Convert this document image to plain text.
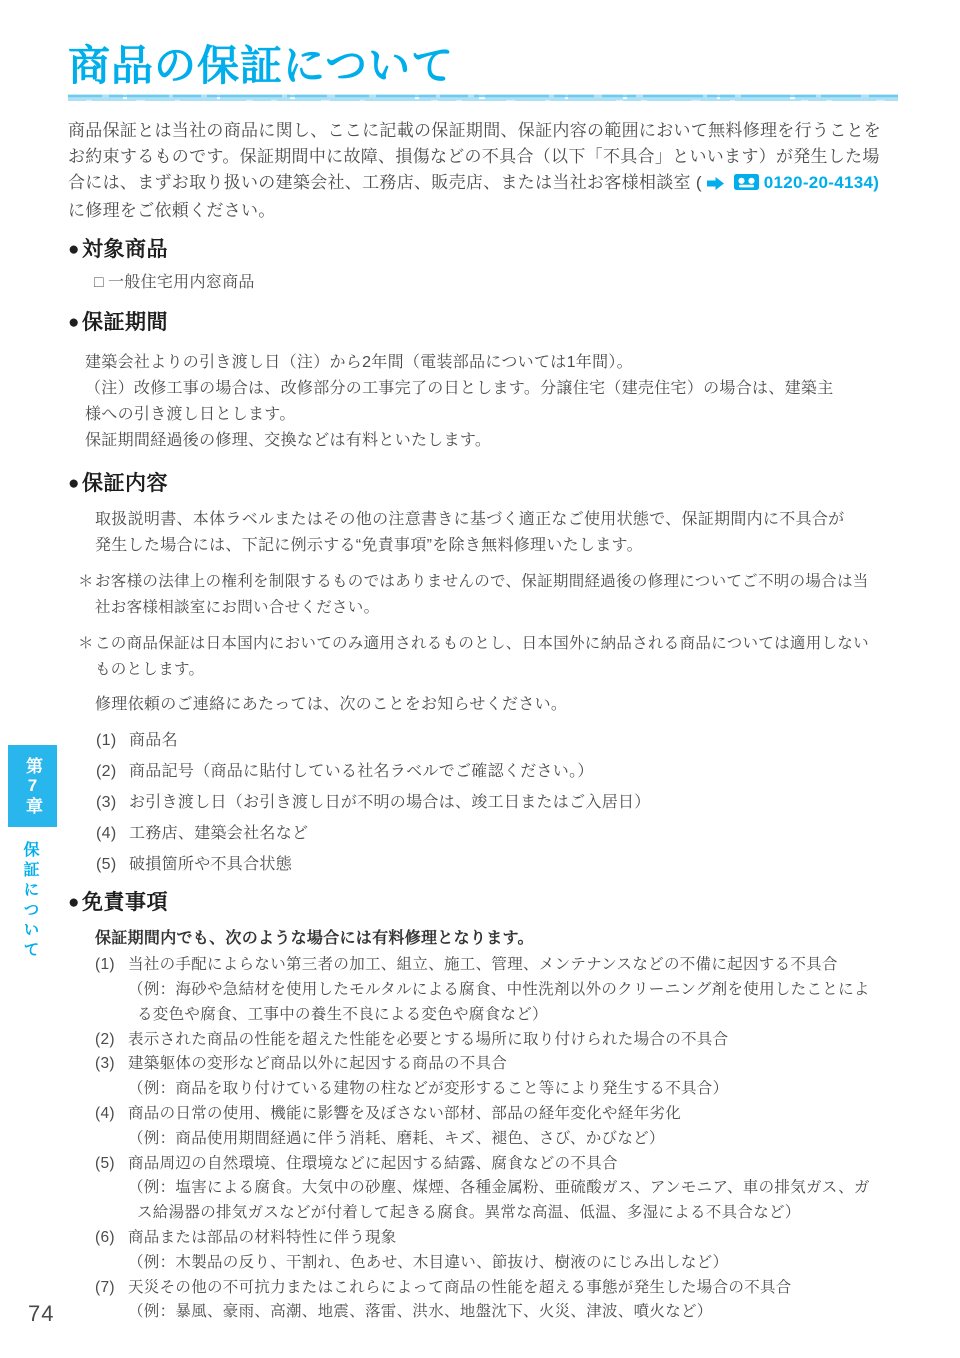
商品の保証について
商品保証とは当社の商品に関し、ここに記載の保証期間、保証内容の範囲において無料修理を行うことを
お約束するものです。保証期間中に故障、損傷などの不具合（以下「不具合」といいます）が発生した場
合には、まずお取り扱いの建築会社、工務店、販売店、または当社お客様相談室 (	0120-20-4134)
に修理をご依頼ください。
● 対象商品
□ 一般住宅用内窓商品
● 保証期間
建築会社よりの引き渡し日（注）から2年間（電装部品については1年間）。
（注）改修工事の場合は、改修部分の工事完了の日とします。分譲住宅（建売住宅）の場合は、建築主
様への引き渡し日とします。
保証期間経過後の修理、交換などは有料といたします。
● 保証内容
取扱説明書、本体ラベルまたはその他の注意書きに基づく適正なご使用状態で、保証期間内に不具合が
発生した場合には、下記に例示する“免責事項”を除き無料修理いたします。
＊ お客様の法律上の権利を制限するものではありませんので、保証期間経過後の修理についてご不明の場合は当
社お客様相談室にお問い合せください。
＊ この商品保証は日本国内においてのみ適用されるものとし、日本国外に納品される商品については適用しない
ものとします。
修理依頼のご連絡にあたっては、次のことをお知らせください。
(1) 商品名
(2) 商品記号（商品に貼付している社名ラベルでご確認ください。）
(3) お引き渡し日（お引き渡し日が不明の場合は、竣工日またはご入居日）
(4) 工務店、建築会社名など
(5) 破損箇所や不具合状態
● 免責事項
保証期間内でも、次のような場合には有料修理となります。
(1) 当社の手配によらない第三者の加工、組立、施工、管理、メンテナンスなどの不備に起因する不具合
（例：海砂や急結材を使用したモルタルによる腐食、中性洗剤以外のクリーニング剤を使用したことによ
る変色や腐食、工事中の養生不良による変色や腐食など）
(2) 表示された商品の性能を超えた性能を必要とする場所に取り付けられた場合の不具合
(3) 建築躯体の変形など商品以外に起因する商品の不具合
（例：商品を取り付けている建物の柱などが変形すること等により発生する不具合）
(4) 商品の日常の使用、機能に影響を及ぼさない部材、部品の経年変化や経年劣化
（例：商品使用期間経過に伴う消耗、磨耗、キズ、褪色、さび、かびなど）
(5) 商品周辺の自然環境、住環境などに起因する結露、腐食などの不具合
（例：塩害による腐食。大気中の砂塵、煤煙、各種金属粉、亜硫酸ガス、アンモニア、車の排気ガス、ガ
ス給湯器の排気ガスなどが付着して起きる腐食。異常な高温、低温、多湿による不具合など）
(6) 商品または部品の材料特性に伴う現象
（例：木製品の反り、干割れ、色あせ、木目違い、節抜け、樹液のにじみ出しなど）
(7) 天災その他の不可抗力またはこれらによって商品の性能を超える事態が発生した場合の不具合
（例：暴風、豪雨、高潮、地震、落雷、洪水、地盤沈下、火災、津波、噴火など）
第7章
保証について
74
